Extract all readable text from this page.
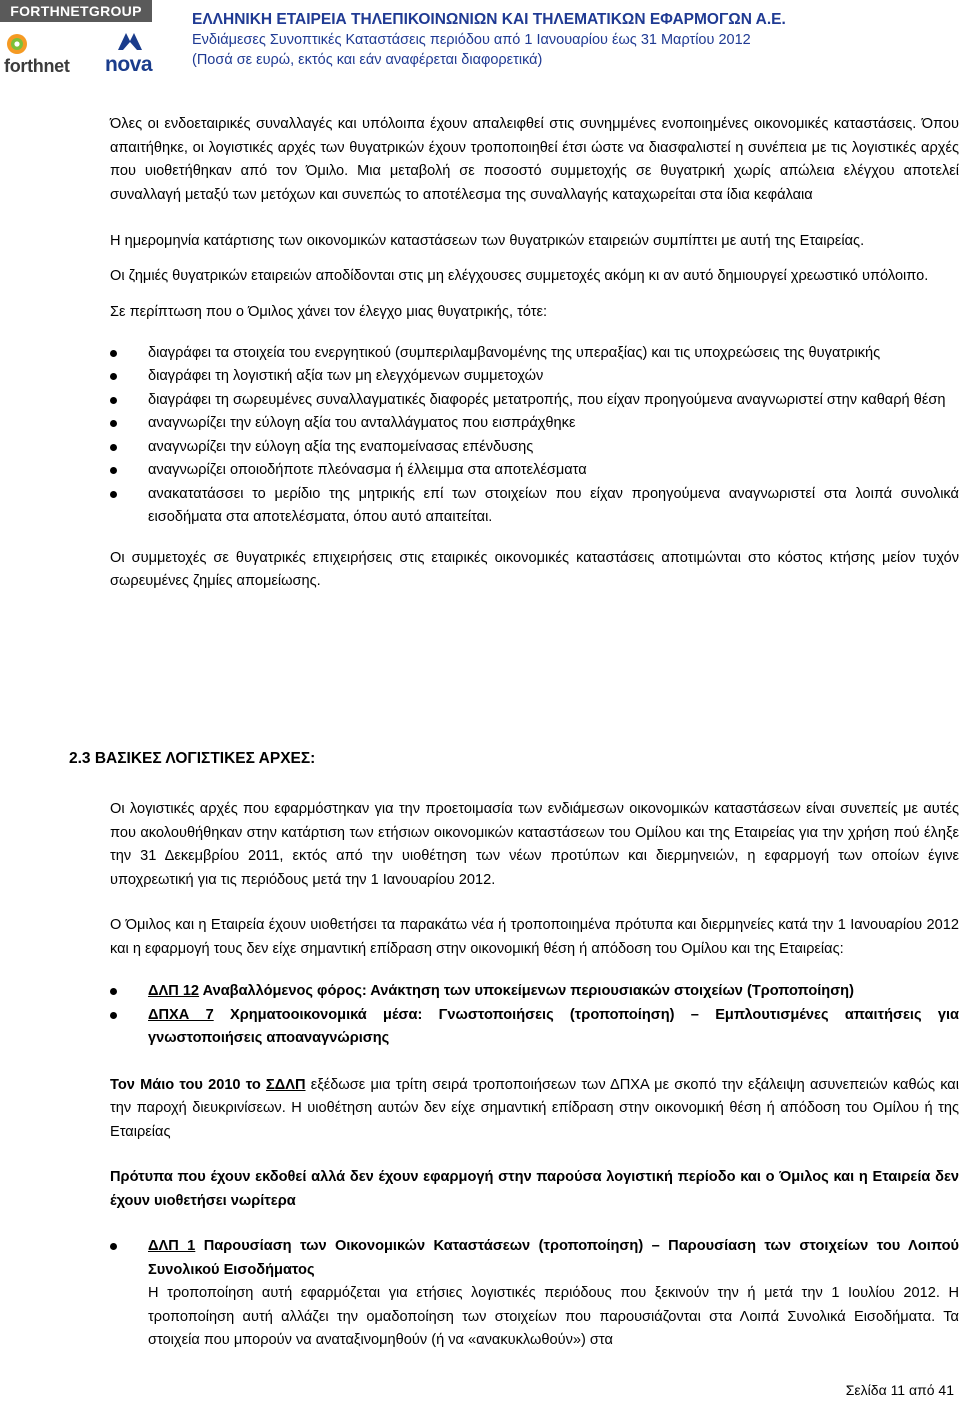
FORTHNETGROUP
forthnet nova
ΕΛΛΗΝΙΚΗ ΕΤΑΙΡΕΙΑ ΤΗΛΕΠΙΚΟΙΝΩΝΙΩΝ ΚΑΙ ΤΗΛΕΜΑΤΙΚΩΝ ΕΦΑΡΜΟΓΩΝ Α.Ε.
Ενδιάμεσες Συνοπτικές Καταστάσεις περιόδου από 1 Ιανουαρίου έως 31 Μαρτίου 2012
(Ποσά σε ευρώ, εκτός και εάν αναφέρεται διαφορετικά)

Όλες οι ενδοεταιρικές συναλλαγές και υπόλοιπα έχουν απαλειφθεί στις συνημμένες ενοποιημένες οικονομικές καταστάσεις. Όπου απαιτήθηκε, οι λογιστικές αρχές των θυγατρικών έχουν τροποποιηθεί έτσι ώστε να διασφαλιστεί η συνέπεια με τις λογιστικές αρχές που υιοθετήθηκαν από τον Όμιλο. Μια μεταβολή σε ποσοστό συμμετοχής σε θυγατρική χωρίς απώλεια ελέγχου αποτελεί συναλλαγή μεταξύ των μετόχων και συνεπώς το αποτέλεσμα της συναλλαγής καταχωρείται στα ίδια κεφάλαια

Η ημερομηνία κατάρτισης των οικονομικών καταστάσεων των θυγατρικών εταιρειών συμπίπτει με αυτή της Εταιρείας.

Οι ζημιές θυγατρικών εταιρειών αποδίδονται στις μη ελέγχουσες συμμετοχές ακόμη κι αν αυτό δημιουργεί χρεωστικό υπόλοιπο.

Σε περίπτωση που ο Όμιλος χάνει τον έλεγχο μιας θυγατρικής, τότε:

διαγράφει τα στοιχεία του ενεργητικού (συμπεριλαμβανομένης της υπεραξίας) και τις υποχρεώσεις της θυγατρικής
διαγράφει τη λογιστική αξία των μη ελεγχόμενων συμμετοχών
διαγράφει τη σωρευμένες συναλλαγματικές διαφορές μετατροπής, που είχαν προηγούμενα αναγνωριστεί στην καθαρή θέση
αναγνωρίζει την εύλογη αξία του ανταλλάγματος που εισπράχθηκε
αναγνωρίζει την εύλογη αξία της εναπομείνασας επένδυσης
αναγνωρίζει οποιοδήποτε πλεόνασμα ή έλλειμμα στα αποτελέσματα
ανακατατάσσει το μερίδιο της μητρικής επί των στοιχείων που είχαν προηγούμενα αναγνωριστεί στα λοιπά συνολικά εισοδήματα στα αποτελέσματα, όπου αυτό απαιτείται.

Οι συμμετοχές σε θυγατρικές επιχειρήσεις στις εταιρικές οικονομικές καταστάσεις αποτιμώνται στο κόστος κτήσης μείον τυχόν σωρευμένες ζημίες απομείωσης.

2.3 ΒΑΣΙΚΕΣ ΛΟΓΙΣΤΙΚΕΣ ΑΡΧΕΣ:

Οι λογιστικές αρχές που εφαρμόστηκαν για την προετοιμασία των ενδιάμεσων οικονομικών καταστάσεων είναι συνεπείς με αυτές που ακολουθήθηκαν στην κατάρτιση των ετήσιων οικονομικών καταστάσεων του Ομίλου και της Εταιρείας για την χρήση πού έληξε την 31 Δεκεμβρίου 2011, εκτός από την υιοθέτηση των νέων προτύπων και διερμηνειών, η εφαρμογή των οποίων έγινε υποχρεωτική για τις περιόδους μετά την 1 Ιανουαρίου 2012.

Ο Όμιλος και η Εταιρεία έχουν υιοθετήσει τα παρακάτω νέα ή τροποποιημένα πρότυπα και διερμηνείες κατά την 1 Ιανουαρίου 2012 και η εφαρμογή τους δεν είχε σημαντική επίδραση στην οικονομική θέση ή απόδοση του Ομίλου και της Εταιρείας:

ΔΛΠ 12 Αναβαλλόμενος φόρος: Ανάκτηση των υποκείμενων περιουσιακών στοιχείων (Τροποποίηση)
ΔΠΧΑ 7 Χρηματοοικονομικά μέσα: Γνωστοποιήσεις (τροποποίηση) – Εμπλουτισμένες απαιτήσεις για γνωστοποιήσεις αποαναγνώρισης

Τον Μάιο του 2010 το ΣΔΛΠ εξέδωσε μια τρίτη σειρά τροποποιήσεων των ΔΠΧΑ με σκοπό την εξάλειψη ασυνεπειών καθώς και την παροχή διευκρινίσεων. Η υιοθέτηση αυτών δεν είχε σημαντική επίδραση στην οικονομική θέση ή απόδοση του Ομίλου ή της Εταιρείας

Πρότυπα που έχουν εκδοθεί αλλά δεν έχουν εφαρμογή στην παρούσα λογιστική περίοδο και ο Όμιλος και η Εταιρεία δεν έχουν υιοθετήσει νωρίτερα

ΔΛΠ 1 Παρουσίαση των Οικονομικών Καταστάσεων (τροποποίηση) – Παρουσίαση των στοιχείων του Λοιπού Συνολικού Εισοδήματος
Η τροποποίηση αυτή εφαρμόζεται για ετήσιες λογιστικές περιόδους που ξεκινούν την ή μετά την 1 Ιουλίου 2012. Η τροποποίηση αυτή αλλάζει την ομαδοποίηση των στοιχείων που παρουσιάζονται στα Λοιπά Συνολικά Εισοδήματα. Τα στοιχεία που μπορούν να αναταξινομηθούν (ή να «ανακυκλωθούν») στα
Σελίδα 11 από 41
